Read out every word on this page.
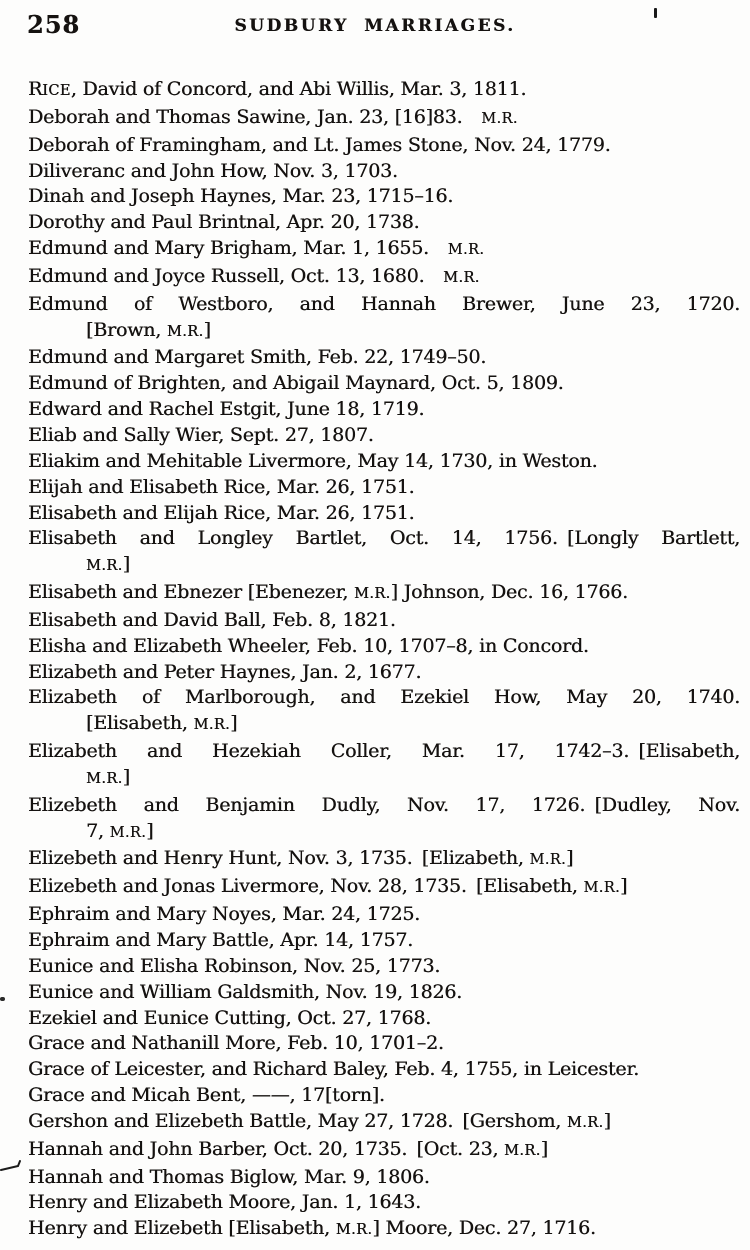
258	SUDBURY MARRIAGES.

RICE, David of Concord, and Abi Willis, Mar. 3, 1811.

Deborah and Thomas Sawine, Jan. 23, [16]83. M.R.

Deborah of Framingham, and Lt. James Stone, Nov. 24, 1779.

Diliveranc and John How, Nov. 3, 1703.

Dinah and Joseph Haynes, Mar. 23, 1715–16.

Dorothy and Paul Brintnal, Apr. 20, 1738.

Edmund and Mary Brigham, Mar. 1, 1655. M.R.

Edmund and Joyce Russell, Oct. 13, 1680. M.R.

Edmund of Westboro, and Hannah Brewer, June 23, 1720.
[Brown, M.R.]

Edmund and Margaret Smith, Feb. 22, 1749–50.

Edmund of Brighten, and Abigail Maynard, Oct. 5, 1809.

Edward and Rachel Estgit, June 18, 1719.

Eliab and Sally Wier, Sept. 27, 1807.

Eliakim and Mehitable Livermore, May 14, 1730, in Weston.

Elijah and Elisabeth Rice, Mar. 26, 1751.

Elisabeth and Elijah Rice, Mar. 26, 1751.

Elisabeth and Longley Bartlet, Oct. 14, 1756. [Longly Bartlett,
M.R.]

Elisabeth and Ebnezer [Ebenezer, M.R.] Johnson, Dec. 16, 1766.

Elisabeth and David Ball, Feb. 8, 1821.

Elisha and Elizabeth Wheeler, Feb. 10, 1707–8, in Concord.

Elizabeth and Peter Haynes, Jan. 2, 1677.

Elizabeth of Marlborough, and Ezekiel How, May 20, 1740.
[Elisabeth, M.R.]

Elizabeth and Hezekiah Coller, Mar. 17, 1742–3. [Elisabeth,
M.R.]

Elizebeth and Benjamin Dudly, Nov. 17, 1726. [Dudley, Nov.
7, M.R.]

Elizebeth and Henry Hunt, Nov. 3, 1735. [Elizabeth, M.R.]

Elizebeth and Jonas Livermore, Nov. 28, 1735. [Elisabeth, M.R.]

Ephraim and Mary Noyes, Mar. 24, 1725.

Ephraim and Mary Battle, Apr. 14, 1757.

Eunice and Elisha Robinson, Nov. 25, 1773.

Eunice and William Galdsmith, Nov. 19, 1826.

Ezekiel and Eunice Cutting, Oct. 27, 1768.

Grace and Nathanill More, Feb. 10, 1701–2.

Grace of Leicester, and Richard Baley, Feb. 4, 1755, in Leicester.

Grace and Micah Bent, ——, 17[torn].

Gershon and Elizebeth Battle, May 27, 1728. [Gershom, M.R.]

Hannah and John Barber, Oct. 20, 1735. [Oct. 23, M.R.]

Hannah and Thomas Biglow, Mar. 9, 1806.

Henry and Elizabeth Moore, Jan. 1, 1643.

Henry and Elizebeth [Elisabeth, M.R.] Moore, Dec. 27, 1716.
